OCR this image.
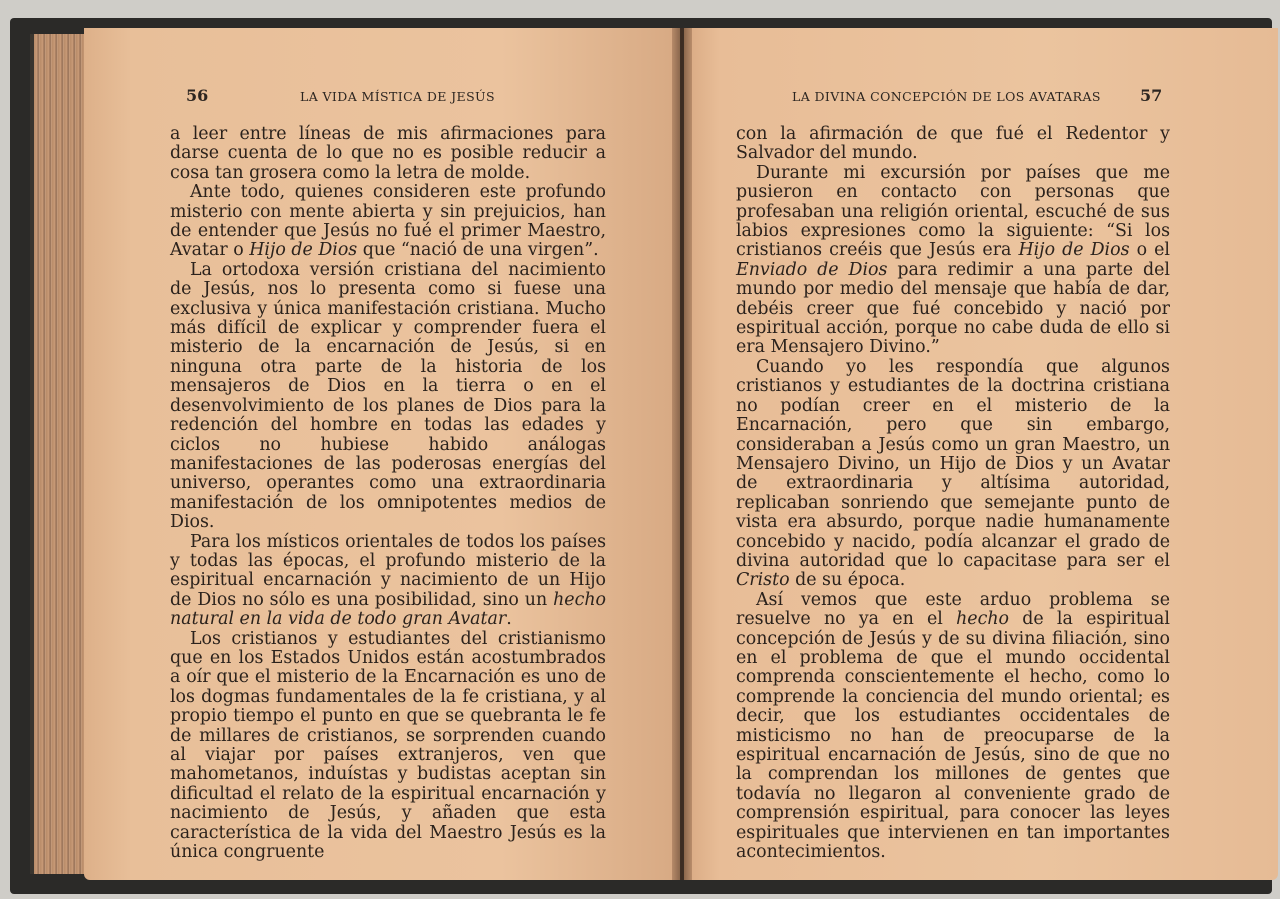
56	LA VIDA MÍSTICA DE JESÚS	57
LA DIVINA CONCEPCIÓN DE LOS AVATARAS

a leer entre líneas de mis afirmaciones para darse cuenta de lo que no es posible reducir a cosa tan grosera como la letra de molde.

Ante todo, quienes consideren este profundo misterio con mente abierta y sin prejuicios, han de entender que Jesús no fué el primer Maestro, Avatar o Hijo de Dios que “nació de una virgen”.

La ortodoxa versión cristiana del nacimiento de Jesús, nos lo presenta como si fuese una exclusiva y única manifestación cristiana. Mucho más difícil de explicar y comprender fuera el misterio de la encarnación de Jesús, si en ninguna otra parte de la historia de los mensajeros de Dios en la tierra o en el desenvolvimiento de los planes de Dios para la redención del hombre en todas las edades y ciclos no hubiese habido análogas manifestaciones de las poderosas energías del universo, operantes como una extraordinaria manifestación de los omnipotentes medios de Dios.

Para los místicos orientales de todos los países y todas las épocas, el profundo misterio de la espiritual encarnación y nacimiento de un Hijo de Dios no sólo es una posibilidad, sino un hecho natural en la vida de todo gran Avatar.

Los cristianos y estudiantes del cristianismo que en los Estados Unidos están acostumbrados a oír que el misterio de la Encarnación es uno de los dogmas fundamentales de la fe cristiana, y al propio tiempo el punto en que se quebranta le fe de millares de cristianos, se sorprenden cuando al viajar por países extranjeros, ven que mahometanos, induístas y budistas aceptan sin dificultad el relato de la espiritual encarnación y nacimiento de Jesús, y añaden que esta característica de la vida del Maestro Jesús es la única congruente

con la afirmación de que fué el Redentor y Salvador del mundo.

Durante mi excursión por países que me pusieron en contacto con personas que profesaban una religión oriental, escuché de sus labios expresiones como la siguiente: “Si los cristianos creéis que Jesús era Hijo de Dios o el Enviado de Dios para redimir a una parte del mundo por medio del mensaje que había de dar, debéis creer que fué concebido y nació por espiritual acción, porque no cabe duda de ello si era Mensajero Divino.”

Cuando yo les respondía que algunos cristianos y estudiantes de la doctrina cristiana no podían creer en el misterio de la Encarnación, pero que sin embargo, consideraban a Jesús como un gran Maestro, un Mensajero Divino, un Hijo de Dios y un Avatar de extraordinaria y altísima autoridad, replicaban sonriendo que semejante punto de vista era absurdo, porque nadie humanamente concebido y nacido, podía alcanzar el grado de divina autoridad que lo capacitase para ser el Cristo de su época.

Así vemos que este arduo problema se resuelve no ya en el hecho de la espiritual concepción de Jesús y de su divina filiación, sino en el problema de que el mundo occidental comprenda conscientemente el hecho, como lo comprende la conciencia del mundo oriental; es decir, que los estudiantes occidentales de misticismo no han de preocuparse de la espiritual encarnación de Jesús, sino de que no la comprendan los millones de gentes que todavía no llegaron al conveniente grado de comprensión espiritual, para conocer las leyes espirituales que intervienen en tan importantes acontecimientos.
